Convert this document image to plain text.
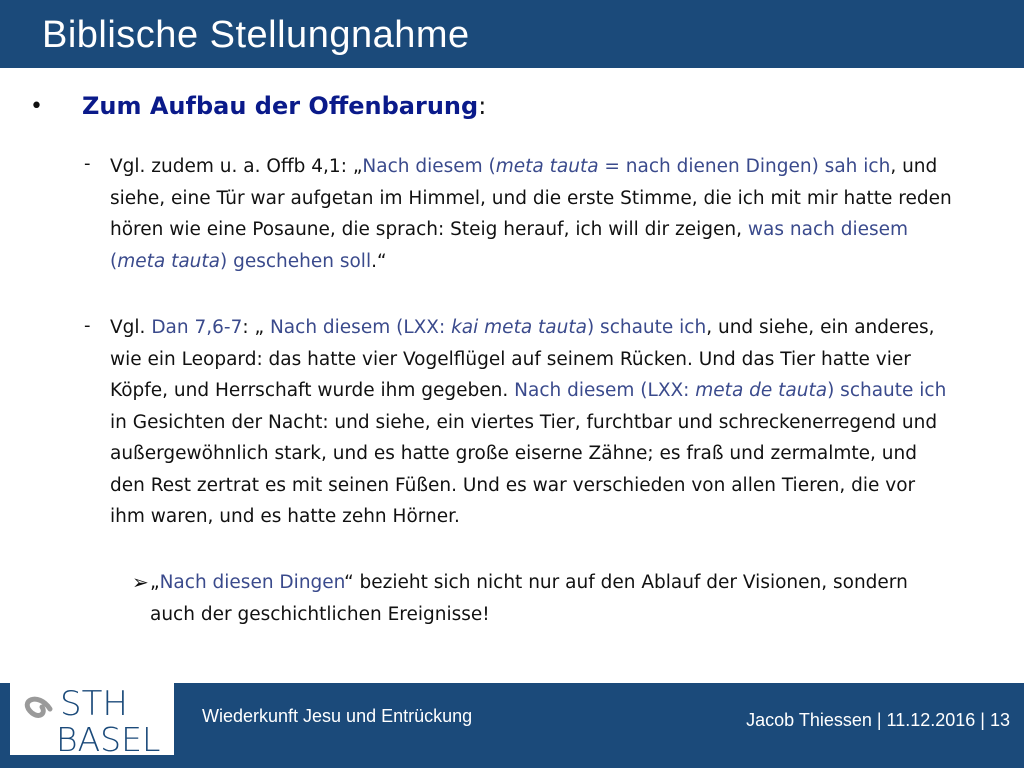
Biblische Stellungnahme
• Zum Aufbau der Offenbarung:
- Vgl. zudem u. a. Offb 4,1: „Nach diesem (meta tauta = nach dienen Dingen) sah ich, und
siehe, eine Tür war aufgetan im Himmel, und die erste Stimme, die ich mit mir hatte reden
hören wie eine Posaune, die sprach: Steig herauf, ich will dir zeigen, was nach diesem
(meta tauta) geschehen soll.“
- Vgl. Dan 7,6-7: „ Nach diesem (LXX: kai meta tauta) schaute ich, und siehe, ein anderes,
wie ein Leopard: das hatte vier Vogelflügel auf seinem Rücken. Und das Tier hatte vier
Köpfe, und Herrschaft wurde ihm gegeben. Nach diesem (LXX: meta de tauta) schaute ich
in Gesichten der Nacht: und siehe, ein viertes Tier, furchtbar und schreckenerregend und
außergewöhnlich stark, und es hatte große eiserne Zähne; es fraß und zermalmte, und
den Rest zertrat es mit seinen Füßen. Und es war verschieden von allen Tieren, die vor
ihm waren, und es hatte zehn Hörner.
➢ „Nach diesen Dingen“ bezieht sich nicht nur auf den Ablauf der Visionen, sondern
auch der geschichtlichen Ereignisse!
STH
BASEL
Wiederkunft Jesu und Entrückung	Jacob Thiessen | 11.12.2016 | 13
